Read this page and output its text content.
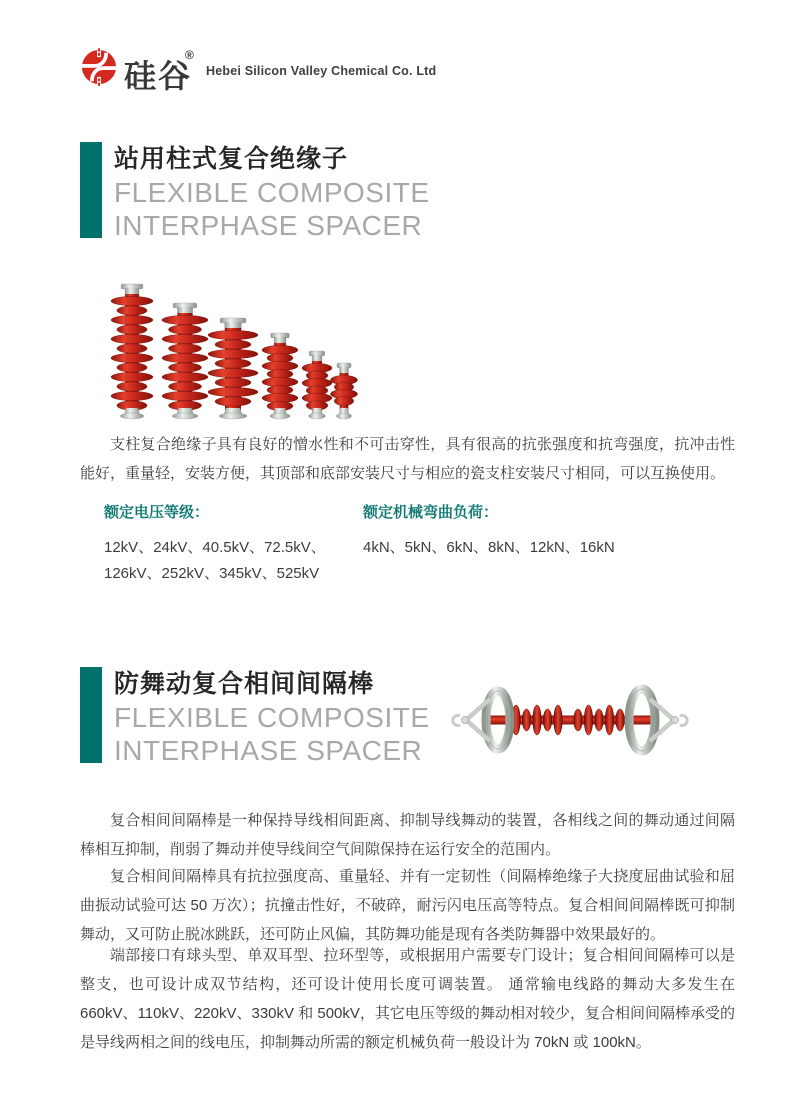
硅谷
®
Hebei Silicon Valley Chemical Co. Ltd
站用柱式复合绝缘子
FLEXIBLE COMPOSITE
INTERPHASE SPACER

支柱复合绝缘子具有良好的憎水性和不可击穿性，具有很高的抗张强度和抗弯强度，抗冲击性能好，重量轻，安装方便，其顶部和底部安装尺寸与相应的瓷支柱安装尺寸相同，可以互换使用。

额定电压等级：
12kV、24kV、40.5kV、72.5kV、
126kV、252kV、345kV、525kV
额定机械弯曲负荷：
4kN、5kN、6kN、8kN、12kN、16kN
防舞动复合相间间隔棒
FLEXIBLE COMPOSITE
INTERPHASE SPACER

复合相间间隔棒是一种保持导线相间距离、抑制导线舞动的装置，各相线之间的舞动通过间隔棒相互抑制，削弱了舞动并使导线间空气间隙保持在运行安全的范围内。

复合相间间隔棒具有抗拉强度高、重量轻、并有一定韧性（间隔棒绝缘子大挠度屈曲试验和屈曲振动试验可达 50 万次）；抗撞击性好，不破碎，耐污闪电压高等特点。复合相间间隔棒既可抑制舞动，又可防止脱冰跳跃，还可防止风偏，其防舞功能是现有各类防舞器中效果最好的。

端部接口有球头型、单双耳型、拉环型等，或根据用户需要专门设计；复合相间间隔棒可以是整支，也可设计成双节结构，还可设计使用长度可调装置。 通常输电线路的舞动大多发生在 660kV、110kV、220kV、330kV 和 500kV，其它电压等级的舞动相对较少，复合相间间隔棒承受的是导线两相之间的线电压，抑制舞动所需的额定机械负荷一般设计为 70kN 或 100kN。
